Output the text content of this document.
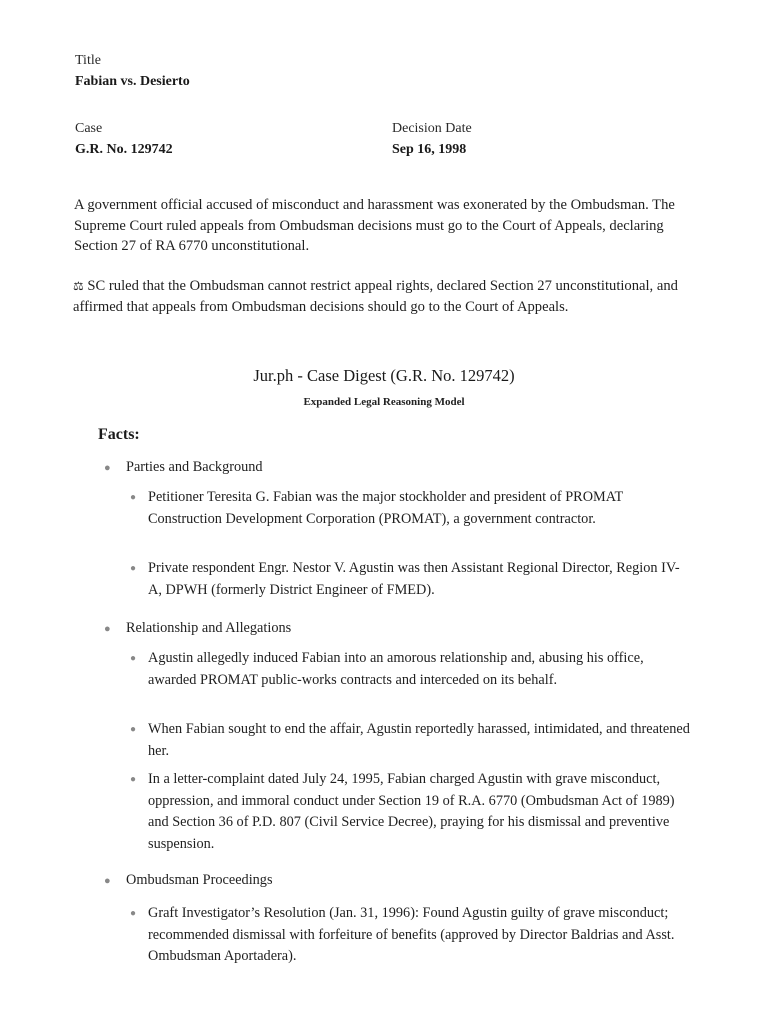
Title
Fabian vs. Desierto
Case
G.R. No. 129742
Decision Date
Sep 16, 1998
A government official accused of misconduct and harassment was exonerated by the Ombudsman. The Supreme Court ruled appeals from Ombudsman decisions must go to the Court of Appeals, declaring Section 27 of RA 6770 unconstitutional.
⚖ SC ruled that the Ombudsman cannot restrict appeal rights, declared Section 27 unconstitutional, and affirmed that appeals from Ombudsman decisions should go to the Court of Appeals.
Jur.ph - Case Digest (G.R. No. 129742)
Expanded Legal Reasoning Model
Facts:
● Parties and Background
● Petitioner Teresita G. Fabian was the major stockholder and president of PROMAT Construction Development Corporation (PROMAT), a government contractor.
● Private respondent Engr. Nestor V. Agustin was then Assistant Regional Director, Region IV-A, DPWH (formerly District Engineer of FMED).
● Relationship and Allegations
● Agustin allegedly induced Fabian into an amorous relationship and, abusing his office, awarded PROMAT public-works contracts and interceded on its behalf.
● When Fabian sought to end the affair, Agustin reportedly harassed, intimidated, and threatened her.
● In a letter-complaint dated July 24, 1995, Fabian charged Agustin with grave misconduct, oppression, and immoral conduct under Section 19 of R.A. 6770 (Ombudsman Act of 1989) and Section 36 of P.D. 807 (Civil Service Decree), praying for his dismissal and preventive suspension.
● Ombudsman Proceedings
● Graft Investigator’s Resolution (Jan. 31, 1996): Found Agustin guilty of grave misconduct; recommended dismissal with forfeiture of benefits (approved by Director Baldrias and Asst. Ombudsman Aportadera).
